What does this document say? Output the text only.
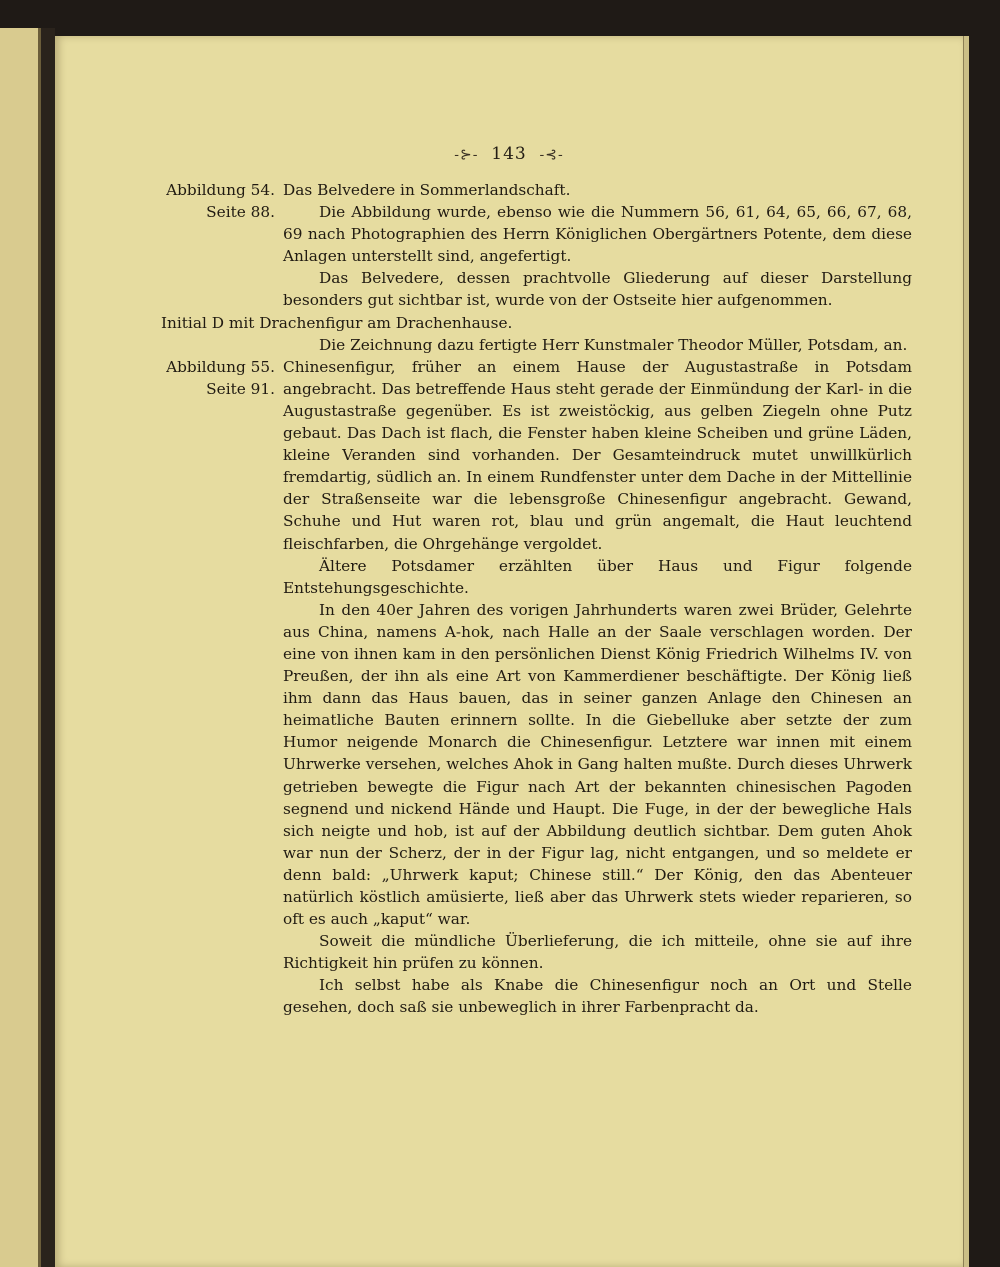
-⊱- 143 -⊰-
Abbildung 54.
Seite 88.

Das Belvedere in Sommerlandschaft.

Die Abbildung wurde, ebenso wie die Nummern 56, 61, 64, 65, 66, 67, 68, 69 nach Photographien des Herrn Königlichen Obergärtners Potente, dem diese Anlagen unterstellt sind, angefertigt.

Das Belvedere, dessen prachtvolle Gliederung auf dieser Darstellung besonders gut sichtbar ist, wurde von der Ostseite hier aufgenommen.

Initial D mit Drachenfigur am Drachenhause.

Die Zeichnung dazu fertigte Herr Kunstmaler Theodor Müller, Potsdam, an.

Abbildung 55.
Seite 91.

Chinesenfigur, früher an einem Hause der Augustastraße in Potsdam angebracht. Das betreffende Haus steht gerade der Einmündung der Karl- in die Augustastraße gegenüber. Es ist zweistöckig, aus gelben Ziegeln ohne Putz gebaut. Das Dach ist flach, die Fenster haben kleine Scheiben und grüne Läden, kleine Veranden sind vorhanden. Der Gesamteindruck mutet unwillkürlich fremdartig, südlich an. In einem Rundfenster unter dem Dache in der Mittellinie der Straßenseite war die lebensgroße Chinesenfigur angebracht. Gewand, Schuhe und Hut waren rot, blau und grün angemalt, die Haut leuchtend fleischfarben, die Ohrgehänge vergoldet.

Ältere Potsdamer erzählten über Haus und Figur folgende Entstehungsgeschichte.

In den 40er Jahren des vorigen Jahrhunderts waren zwei Brüder, Gelehrte aus China, namens A-hok, nach Halle an der Saale verschlagen worden. Der eine von ihnen kam in den persönlichen Dienst König Friedrich Wilhelms IV. von Preußen, der ihn als eine Art von Kammerdiener beschäftigte. Der König ließ ihm dann das Haus bauen, das in seiner ganzen Anlage den Chinesen an heimatliche Bauten erinnern sollte. In die Giebelluke aber setzte der zum Humor neigende Monarch die Chinesenfigur. Letztere war innen mit einem Uhrwerke versehen, welches Ahok in Gang halten mußte. Durch dieses Uhrwerk getrieben bewegte die Figur nach Art der bekannten chinesischen Pagoden segnend und nickend Hände und Haupt. Die Fuge, in der der bewegliche Hals sich neigte und hob, ist auf der Abbildung deutlich sichtbar. Dem guten Ahok war nun der Scherz, der in der Figur lag, nicht entgangen, und so meldete er denn bald: „Uhrwerk kaput; Chinese still.“ Der König, den das Abenteuer natürlich köstlich amüsierte, ließ aber das Uhrwerk stets wieder reparieren, so oft es auch „kaput“ war.

Soweit die mündliche Überlieferung, die ich mitteile, ohne sie auf ihre Richtigkeit hin prüfen zu können.

Ich selbst habe als Knabe die Chinesenfigur noch an Ort und Stelle gesehen, doch saß sie unbeweglich in ihrer Farbenpracht da.
